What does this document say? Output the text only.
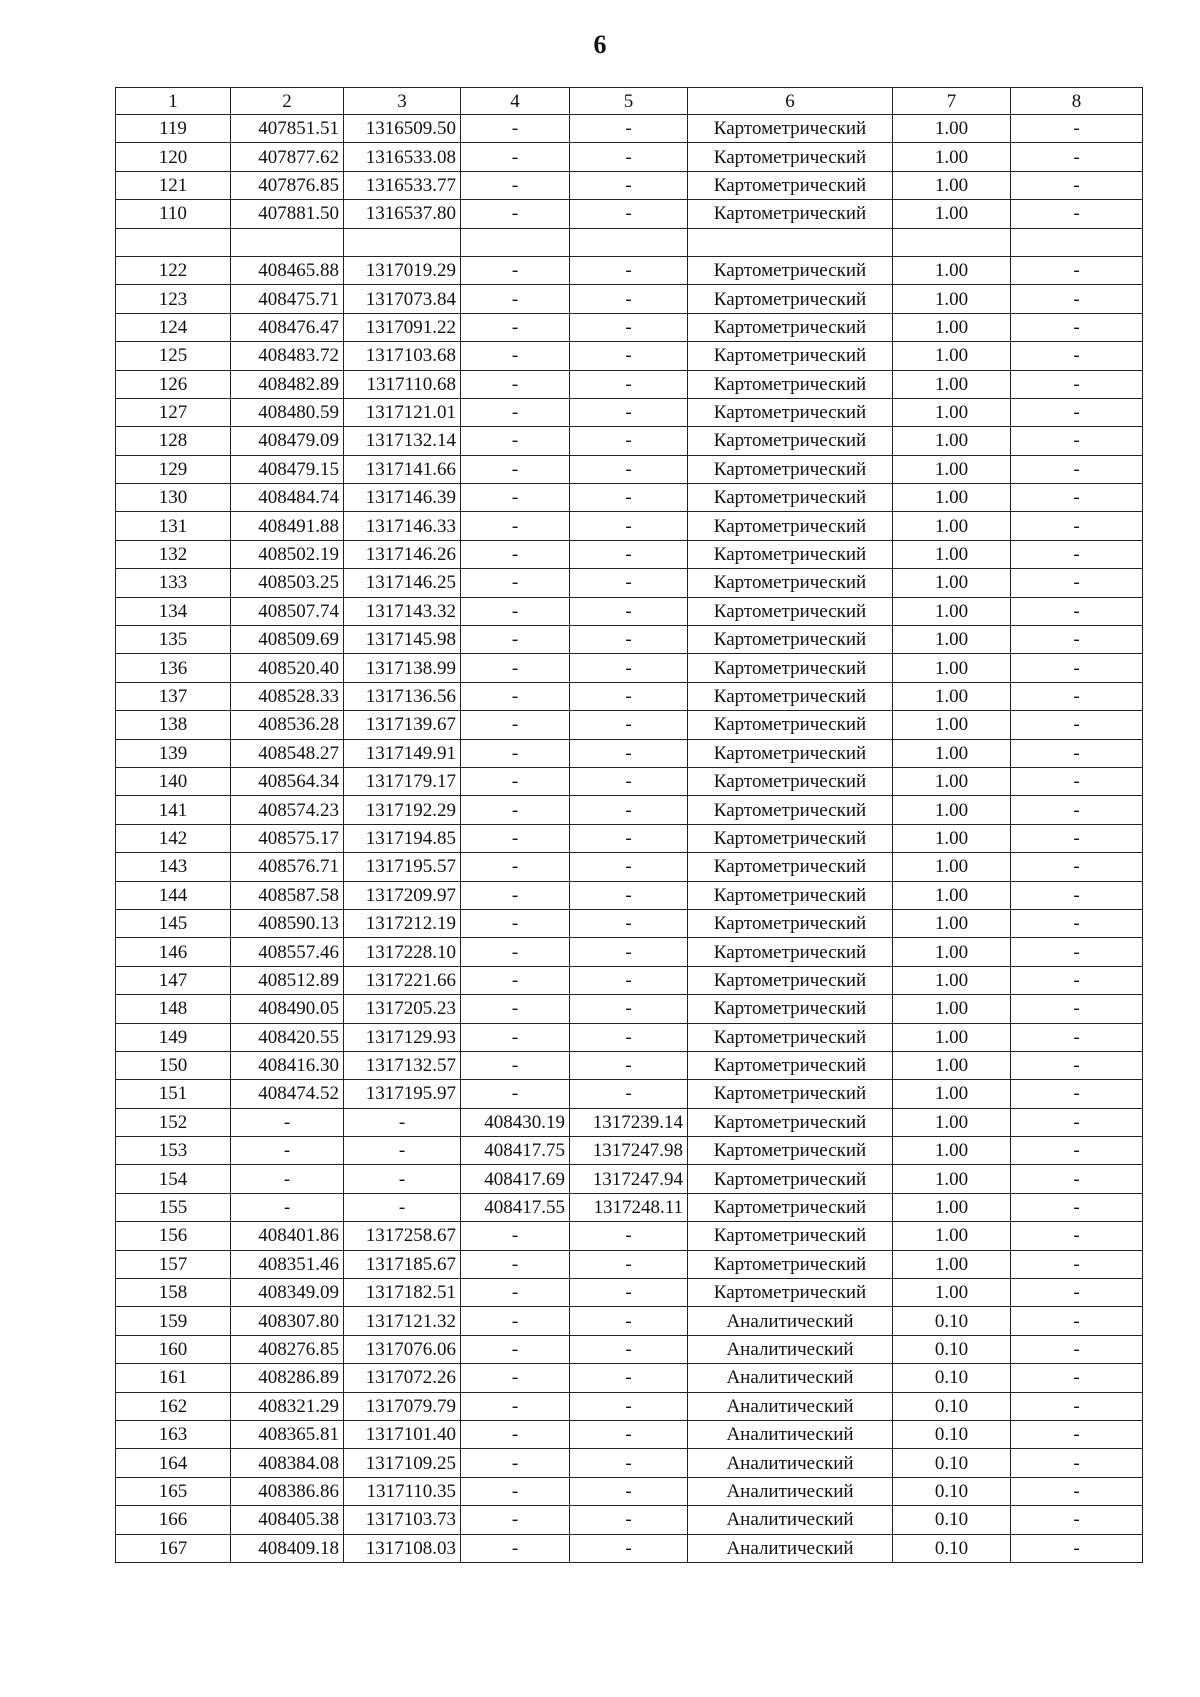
6
1	2	3	4	5	6	7	8
119	407851.51	1316509.50	-	-	Картометрический	1.00	-
120	407877.62	1316533.08	-	-	Картометрический	1.00	-
121	407876.85	1316533.77	-	-	Картометрический	1.00	-
110	407881.50	1316537.80	-	-	Картометрический	1.00	-

122	408465.88	1317019.29	-	-	Картометрический	1.00	-
123	408475.71	1317073.84	-	-	Картометрический	1.00	-
124	408476.47	1317091.22	-	-	Картометрический	1.00	-
125	408483.72	1317103.68	-	-	Картометрический	1.00	-
126	408482.89	1317110.68	-	-	Картометрический	1.00	-
127	408480.59	1317121.01	-	-	Картометрический	1.00	-
128	408479.09	1317132.14	-	-	Картометрический	1.00	-
129	408479.15	1317141.66	-	-	Картометрический	1.00	-
130	408484.74	1317146.39	-	-	Картометрический	1.00	-
131	408491.88	1317146.33	-	-	Картометрический	1.00	-
132	408502.19	1317146.26	-	-	Картометрический	1.00	-
133	408503.25	1317146.25	-	-	Картометрический	1.00	-
134	408507.74	1317143.32	-	-	Картометрический	1.00	-
135	408509.69	1317145.98	-	-	Картометрический	1.00	-
136	408520.40	1317138.99	-	-	Картометрический	1.00	-
137	408528.33	1317136.56	-	-	Картометрический	1.00	-
138	408536.28	1317139.67	-	-	Картометрический	1.00	-
139	408548.27	1317149.91	-	-	Картометрический	1.00	-
140	408564.34	1317179.17	-	-	Картометрический	1.00	-
141	408574.23	1317192.29	-	-	Картометрический	1.00	-
142	408575.17	1317194.85	-	-	Картометрический	1.00	-
143	408576.71	1317195.57	-	-	Картометрический	1.00	-
144	408587.58	1317209.97	-	-	Картометрический	1.00	-
145	408590.13	1317212.19	-	-	Картометрический	1.00	-
146	408557.46	1317228.10	-	-	Картометрический	1.00	-
147	408512.89	1317221.66	-	-	Картометрический	1.00	-
148	408490.05	1317205.23	-	-	Картометрический	1.00	-
149	408420.55	1317129.93	-	-	Картометрический	1.00	-
150	408416.30	1317132.57	-	-	Картометрический	1.00	-
151	408474.52	1317195.97	-	-	Картометрический	1.00	-
152	-	-	408430.19	1317239.14	Картометрический	1.00	-
153	-	-	408417.75	1317247.98	Картометрический	1.00	-
154	-	-	408417.69	1317247.94	Картометрический	1.00	-
155	-	-	408417.55	1317248.11	Картометрический	1.00	-
156	408401.86	1317258.67	-	-	Картометрический	1.00	-
157	408351.46	1317185.67	-	-	Картометрический	1.00	-
158	408349.09	1317182.51	-	-	Картометрический	1.00	-
159	408307.80	1317121.32	-	-	Аналитический	0.10	-
160	408276.85	1317076.06	-	-	Аналитический	0.10	-
161	408286.89	1317072.26	-	-	Аналитический	0.10	-
162	408321.29	1317079.79	-	-	Аналитический	0.10	-
163	408365.81	1317101.40	-	-	Аналитический	0.10	-
164	408384.08	1317109.25	-	-	Аналитический	0.10	-
165	408386.86	1317110.35	-	-	Аналитический	0.10	-
166	408405.38	1317103.73	-	-	Аналитический	0.10	-
167	408409.18	1317108.03	-	-	Аналитический	0.10	-
